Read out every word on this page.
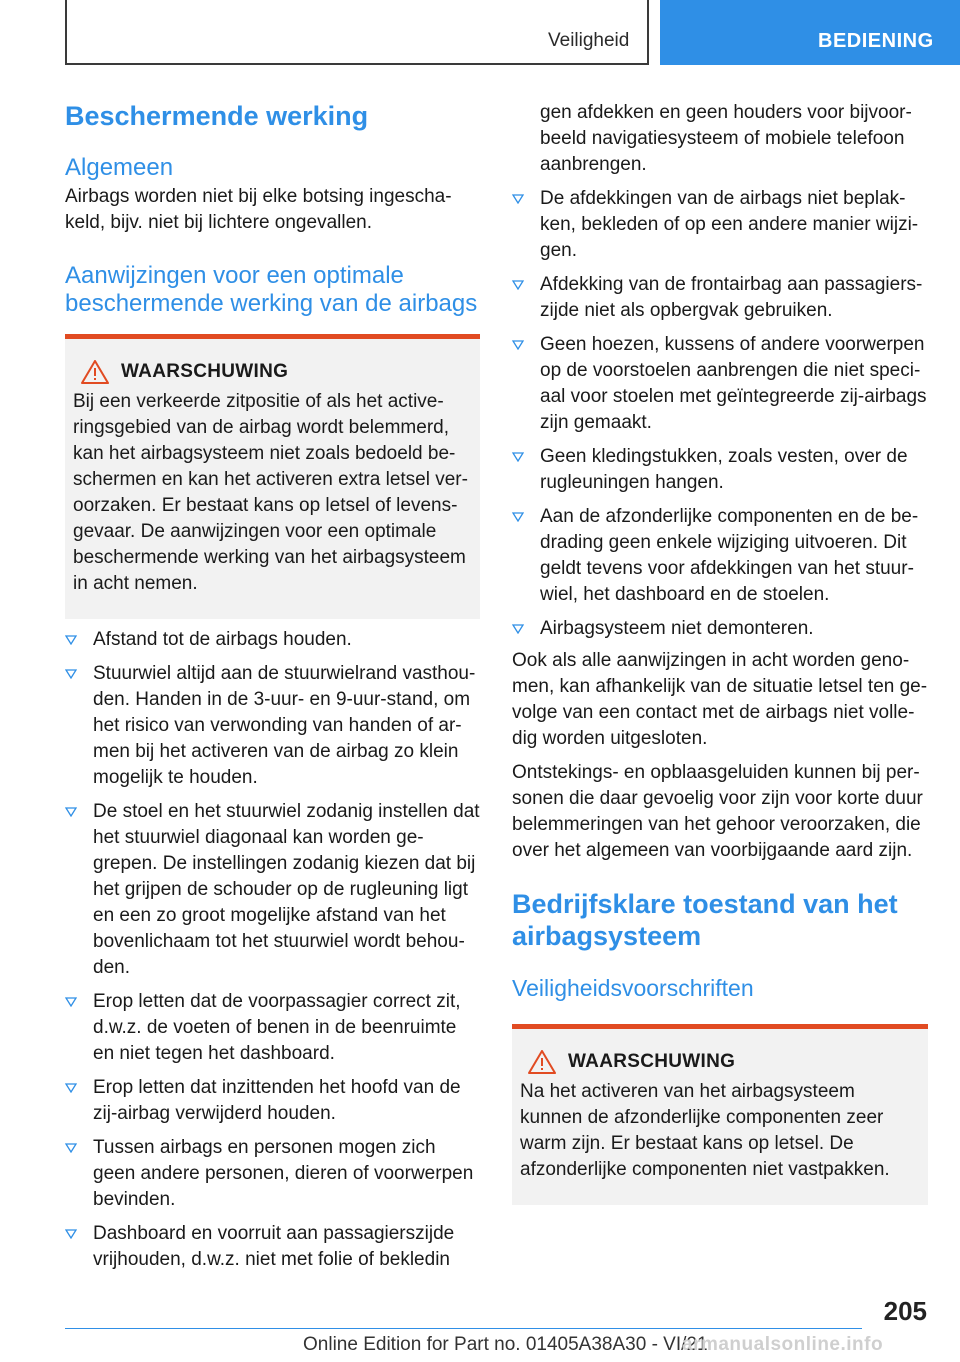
Veiligheid	BEDIENING
Beschermende werking
Algemeen

Airbags worden niet bij elke botsing ingeschakeld, bijv. niet bij lichtere ongevallen.

Aanwijzingen voor een optimale beschermende werking van de airbags
WAARSCHUWING

Bij een verkeerde zitpositie of als het activeringsgebied van de airbag wordt belemmerd, kan het airbagsysteem niet zoals bedoeld beschermen en kan het activeren extra letsel veroorzaken. Er bestaat kans op letsel of levensgevaar. De aanwijzingen voor een optimale beschermende werking van het airbagsysteem in acht nemen.

Afstand tot de airbags houden.
Stuurwiel altijd aan de stuurwielrand vasthouden. Handen in de 3-uur- en 9-uur-stand, om het risico van verwonding van handen of armen bij het activeren van de airbag zo klein mogelijk te houden.
De stoel en het stuurwiel zodanig instellen dat het stuurwiel diagonaal kan worden gegrepen. De instellingen zodanig kiezen dat bij het grijpen de schouder op de rugleuning ligt en een zo groot mogelijke afstand van het bovenlichaam tot het stuurwiel wordt behouden.
Erop letten dat de voorpassagier correct zit, d.w.z. de voeten of benen in de beenruimte en niet tegen het dashboard.
Erop letten dat inzittenden het hoofd van de zij-airbag verwijderd houden.
Tussen airbags en personen mogen zich geen andere personen, dieren of voorwerpen bevinden.
Dashboard en voorruit aan passagierszijde vrijhouden, d.w.z. niet met folie of bekledin
gen afdekken en geen houders voor bijvoorbeeld navigatiesysteem of mobiele telefoon aanbrengen.
De afdekkingen van de airbags niet beplakken, bekleden of op een andere manier wijzigen.
Afdekking van de frontairbag aan passagierszijde niet als opbergvak gebruiken.
Geen hoezen, kussens of andere voorwerpen op de voorstoelen aanbrengen die niet speciaal voor stoelen met geïntegreerde zij-airbags zijn gemaakt.
Geen kledingstukken, zoals vesten, over de rugleuningen hangen.
Aan de afzonderlijke componenten en de bedrading geen enkele wijziging uitvoeren. Dit geldt tevens voor afdekkingen van het stuurwiel, het dashboard en de stoelen.
Airbagsysteem niet demonteren.

Ook als alle aanwijzingen in acht worden genomen, kan afhankelijk van de situatie letsel ten gevolge van een contact met de airbags niet volledig worden uitgesloten.

Ontstekings- en opblaasgeluiden kunnen bij personen die daar gevoelig voor zijn voor korte duur belemmeringen van het gehoor veroorzaken, die over het algemeen van voorbijgaande aard zijn.

Bedrijfsklare toestand van het airbagsysteem
Veiligheidsvoorschriften
WAARSCHUWING

Na het activeren van het airbagsysteem kunnen de afzonderlijke componenten zeer warm zijn. Er bestaat kans op letsel. De afzonderlijke componenten niet vastpakken.

205
Online Edition for Part no. 01405A38A30 - VI/21
armanualsonline.info
